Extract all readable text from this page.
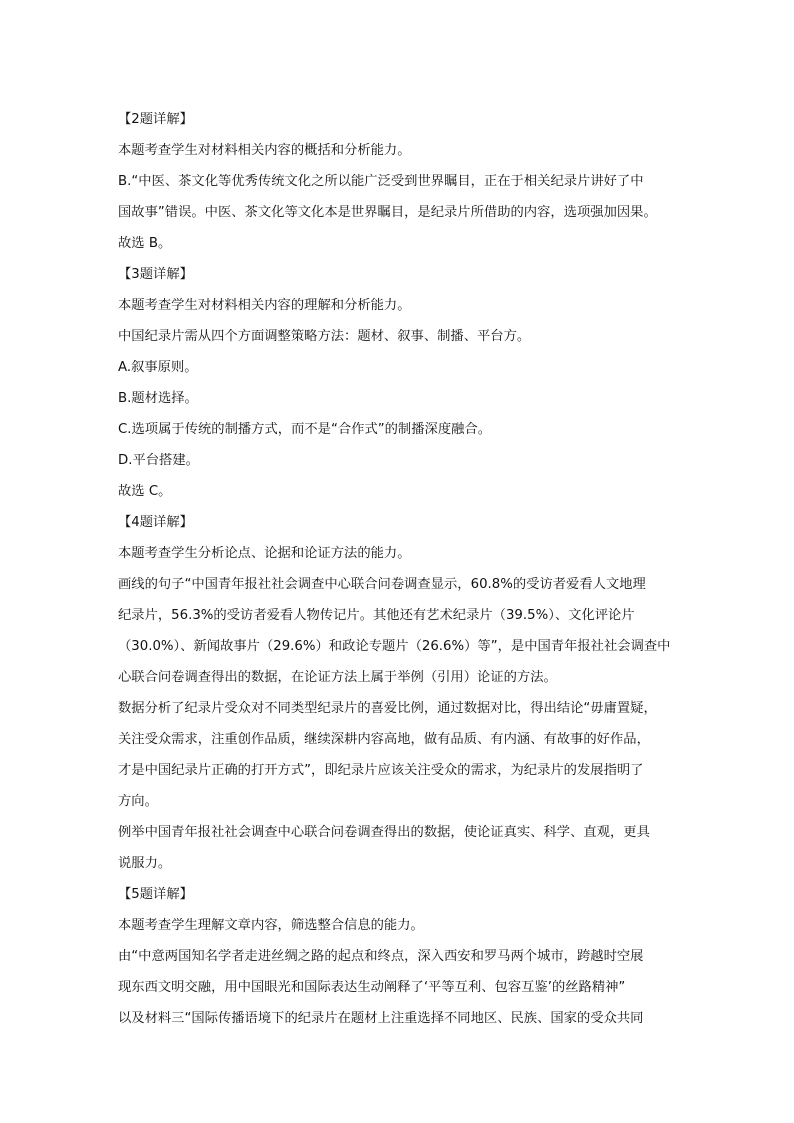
【2题详解】
本题考查学生对材料相关内容的概括和分析能力。
B.“中医、茶文化等优秀传统文化之所以能广泛受到世界瞩目，正在于相关纪录片讲好了中
国故事”错误。中医、茶文化等文化本是世界瞩目，是纪录片所借助的内容，选项强加因果。
故选 B。
【3题详解】
本题考查学生对材料相关内容的理解和分析能力。
中国纪录片需从四个方面调整策略方法：题材、叙事、制播、平台方。
A.叙事原则。
B.题材选择。
C.选项属于传统的制播方式，而不是“合作式”的制播深度融合。
D.平台搭建。
故选 C。
【4题详解】
本题考查学生分析论点、论据和论证方法的能力。
画线的句子“中国青年报社社会调查中心联合问卷调查显示，60.8%的受访者爱看人文地理
纪录片，56.3%的受访者爱看人物传记片。其他还有艺术纪录片（39.5%）、文化评论片
（30.0%）、新闻故事片（29.6%）和政论专题片（26.6%）等”，是中国青年报社社会调查中
心联合问卷调查得出的数据，在论证方法上属于举例（引用）论证的方法。
数据分析了纪录片受众对不同类型纪录片的喜爱比例，通过数据对比，得出结论“毋庸置疑，
关注受众需求，注重创作品质，继续深耕内容高地，做有品质、有内涵、有故事的好作品，
才是中国纪录片正确的打开方式”，即纪录片应该关注受众的需求，为纪录片的发展指明了
方向。
例举中国青年报社社会调查中心联合问卷调查得出的数据，使论证真实、科学、直观，更具
说服力。
【5题详解】
本题考查学生理解文章内容，筛选整合信息的能力。
由“中意两国知名学者走进丝绸之路的起点和终点，深入西安和罗马两个城市，跨越时空展
现东西文明交融，用中国眼光和国际表达生动阐释了‘平等互利、包容互鉴’的丝路精神”
以及材料三“国际传播语境下的纪录片在题材上注重选择不同地区、民族、国家的受众共同
